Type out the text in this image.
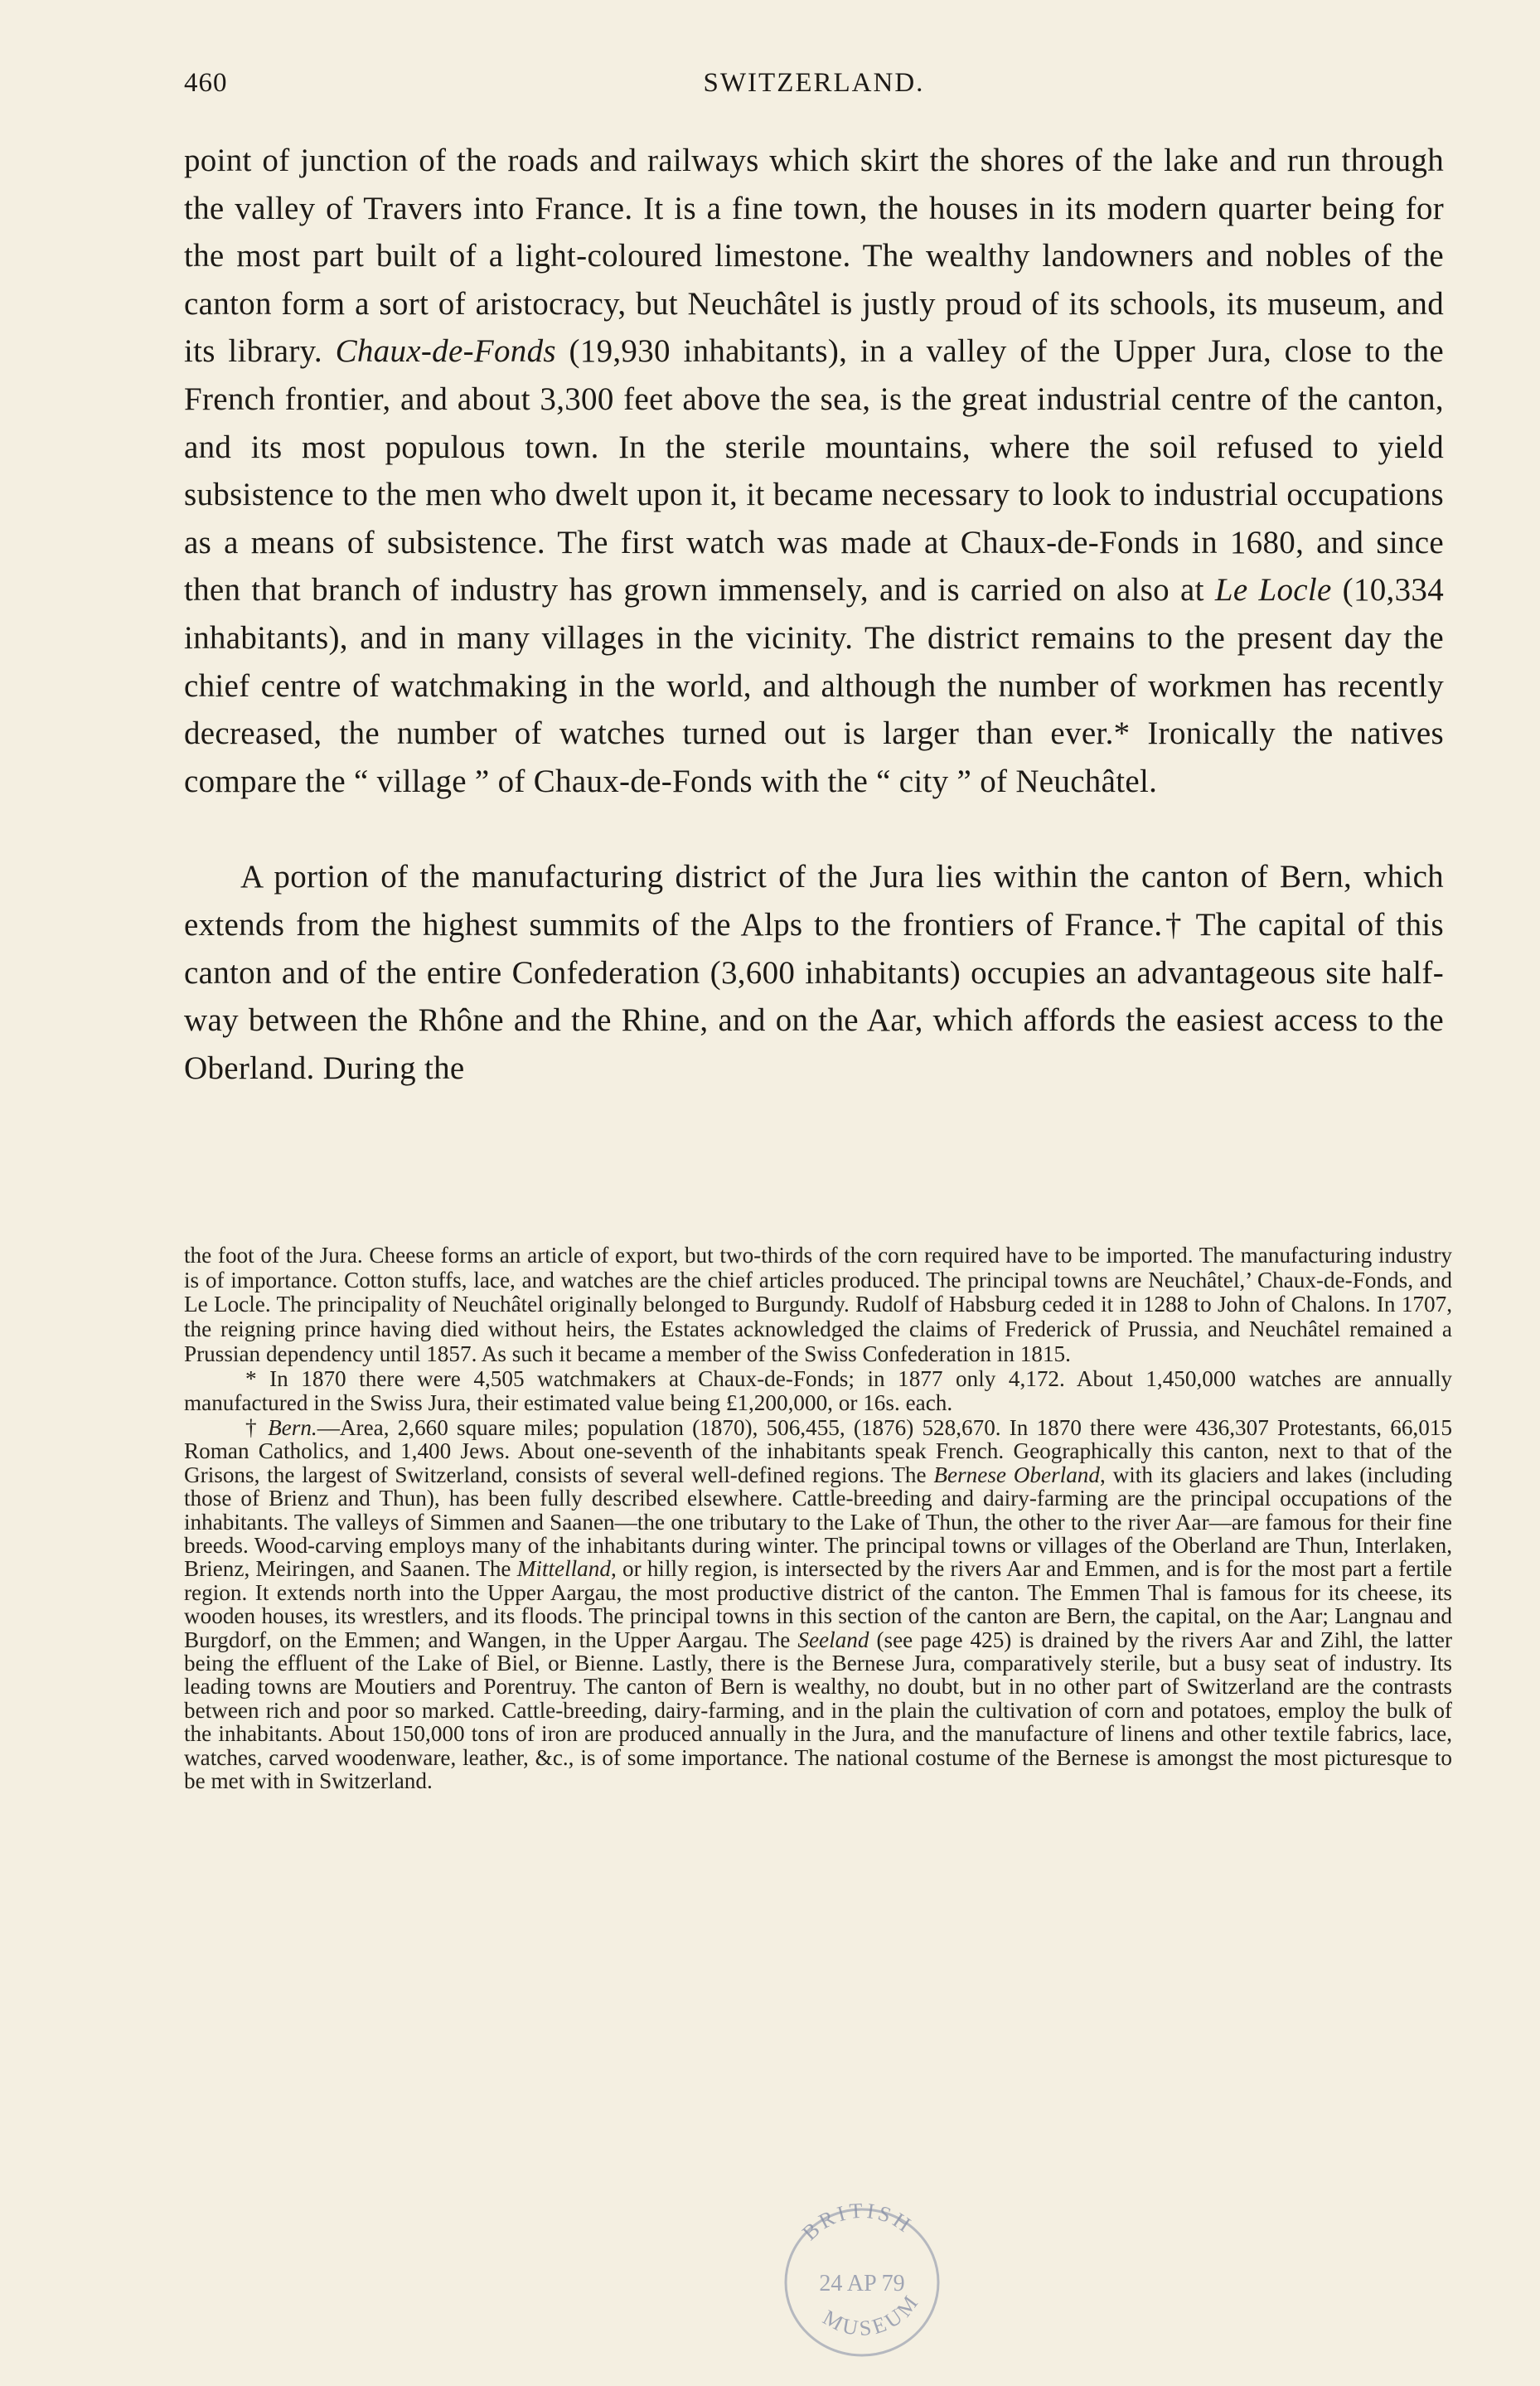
460	SWITZERLAND.

point of junction of the roads and railways which skirt the shores of the lake and run through the valley of Travers into France. It is a fine town, the houses in its modern quarter being for the most part built of a light-coloured limestone. The wealthy landowners and nobles of the canton form a sort of aristocracy, but Neuchâtel is justly proud of its schools, its museum, and its library. Chaux-de-Fonds (19,930 inhabitants), in a valley of the Upper Jura, close to the French frontier, and about 3,300 feet above the sea, is the great industrial centre of the canton, and its most populous town. In the sterile mountains, where the soil refused to yield subsistence to the men who dwelt upon it, it became necessary to look to industrial occupations as a means of subsistence. The first watch was made at Chaux-de-Fonds in 1680, and since then that branch of industry has grown immensely, and is carried on also at Le Locle (10,334 inhabitants), and in many villages in the vicinity. The district remains to the present day the chief centre of watchmaking in the world, and although the number of workmen has recently decreased, the number of watches turned out is larger than ever.* Ironically the natives compare the “ village ” of Chaux-de-Fonds with the “ city ” of Neuchâtel.

A portion of the manufacturing district of the Jura lies within the canton of Bern, which extends from the highest summits of the Alps to the frontiers of France.† The capital of this canton and of the entire Confederation (3,600 inhabitants) occupies an advantageous site half-way between the Rhône and the Rhine, and on the Aar, which affords the easiest access to the Oberland. During the

the foot of the Jura. Cheese forms an article of export, but two-thirds of the corn required have to be imported. The manufacturing industry is of importance. Cotton stuffs, lace, and watches are the chief articles produced. The principal towns are Neuchâtel,’ Chaux-de-Fonds, and Le Locle. The principality of Neuchâtel originally belonged to Burgundy. Rudolf of Habsburg ceded it in 1288 to John of Chalons. In 1707, the reigning prince having died without heirs, the Estates acknowledged the claims of Frederick of Prussia, and Neuchâtel remained a Prussian dependency until 1857. As such it became a member of the Swiss Confederation in 1815.

* In 1870 there were 4,505 watchmakers at Chaux-de-Fonds; in 1877 only 4,172. About 1,450,000 watches are annually manufactured in the Swiss Jura, their estimated value being £1,200,000, or 16s. each.

† Bern.—Area, 2,660 square miles; population (1870), 506,455, (1876) 528,670. In 1870 there were 436,307 Protestants, 66,015 Roman Catholics, and 1,400 Jews. About one-seventh of the inhabitants speak French. Geographically this canton, next to that of the Grisons, the largest of Switzerland, consists of several well-defined regions. The Bernese Oberland, with its glaciers and lakes (including those of Brienz and Thun), has been fully described elsewhere. Cattle-breeding and dairy-farming are the principal occupations of the inhabitants. The valleys of Simmen and Saanen—the one tributary to the Lake of Thun, the other to the river Aar—are famous for their fine breeds. Wood-carving employs many of the inhabitants during winter. The principal towns or villages of the Oberland are Thun, Interlaken, Brienz, Meiringen, and Saanen. The Mittelland, or hilly region, is intersected by the rivers Aar and Emmen, and is for the most part a fertile region. It extends north into the Upper Aargau, the most productive district of the canton. The Emmen Thal is famous for its cheese, its wooden houses, its wrestlers, and its floods. The principal towns in this section of the canton are Bern, the capital, on the Aar; Langnau and Burgdorf, on the Emmen; and Wangen, in the Upper Aargau. The Seeland (see page 425) is drained by the rivers Aar and Zihl, the latter being the effluent of the Lake of Biel, or Bienne. Lastly, there is the Bernese Jura, comparatively sterile, but a busy seat of industry. Its leading towns are Moutiers and Porentruy. The canton of Bern is wealthy, no doubt, but in no other part of Switzerland are the contrasts between rich and poor so marked. Cattle-breeding, dairy-farming, and in the plain the cultivation of corn and potatoes, employ the bulk of the inhabitants. About 150,000 tons of iron are produced annually in the Jura, and the manufacture of linens and other textile fabrics, lace, watches, carved woodenware, leather, &c., is of some importance. The national costume of the Bernese is amongst the most picturesque to be met with in Switzerland.

BRITISH
24 AP 79
MUSEUM
